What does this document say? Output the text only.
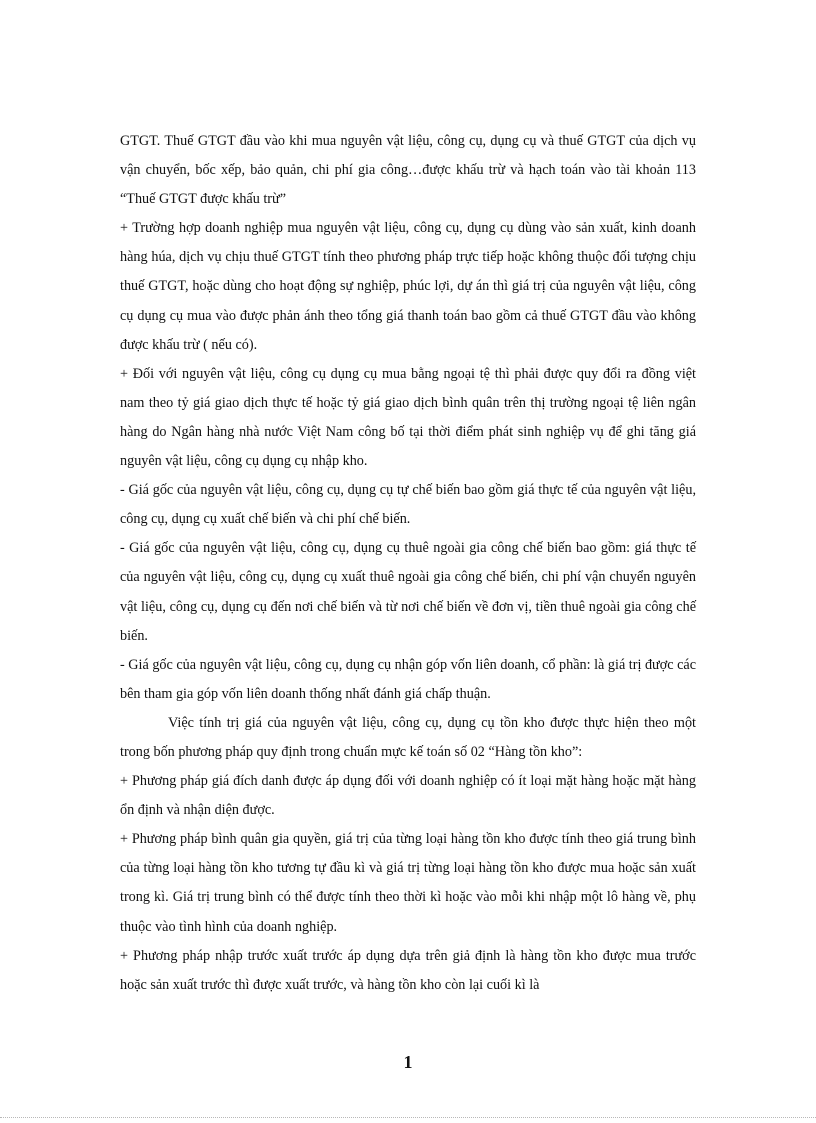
GTGT. Thuế GTGT đầu vào khi mua nguyên vật liệu, công cụ, dụng cụ và thuế GTGT của dịch vụ vận chuyển, bốc xếp, bảo quản, chi phí gia công…được khấu trừ và hạch toán vào tài khoản 113 “Thuế GTGT được khấu trừ”

+ Trường hợp doanh nghiệp mua nguyên vật liệu, công cụ, dụng cụ dùng vào sản xuất, kinh doanh hàng húa, dịch vụ chịu thuế GTGT tính theo phương pháp trực tiếp hoặc không thuộc đối tượng chịu thuế GTGT, hoặc dùng cho hoạt động sự nghiệp, phúc lợi, dự án thì giá trị của nguyên vật liệu, công cụ dụng cụ mua vào được phản ánh theo tổng giá thanh toán bao gồm cả thuế GTGT đầu vào không được khấu trừ ( nếu có).

+ Đối với nguyên vật liệu, công cụ dụng cụ mua bằng ngoại tệ thì phải được quy đổi ra đồng việt nam theo tỷ giá giao dịch thực tế hoặc tỷ giá giao dịch bình quân trên thị trường ngoại tệ liên ngân hàng do Ngân hàng nhà nước Việt Nam công bố tại thời điểm phát sinh nghiệp vụ để ghi tăng giá nguyên vật liệu, công cụ dụng cụ nhập kho.

- Giá gốc của nguyên vật liệu, công cụ, dụng cụ tự chế biến bao gồm giá thực tế của nguyên vật liệu, công cụ, dụng cụ xuất chế biến và chi phí chế biến.

- Giá gốc của nguyên vật liệu, công cụ, dụng cụ thuê ngoài gia công chế biến bao gồm: giá thực tế của nguyên vật liệu, công cụ, dụng cụ xuất thuê ngoài gia công chế biến, chi phí vận chuyển nguyên vật liệu, công cụ, dụng cụ đến nơi chế biến và từ nơi chế biến về đơn vị, tiền thuê ngoài gia công chế biến.

- Giá gốc của nguyên vật liệu, công cụ, dụng cụ nhận góp vốn liên doanh, cổ phần: là giá trị được các bên tham gia góp vốn liên doanh thống nhất đánh giá chấp thuận.

Việc tính trị giá của nguyên vật liệu, công cụ, dụng cụ tồn kho được thực hiện theo một trong bốn phương pháp quy định trong chuẩn mực kế toán số 02 “Hàng tồn kho”:

+ Phương pháp giá đích danh được áp dụng đối với doanh nghiệp có ít loại mặt hàng hoặc mặt hàng ổn định và nhận diện được.

+ Phương pháp bình quân gia quyền, giá trị của từng loại hàng tồn kho được tính theo giá trung bình của từng loại hàng tồn kho tương tự đầu kì và giá trị từng loại hàng tồn kho được mua hoặc sản xuất trong kì. Giá trị trung bình có thể được tính theo thời kì hoặc vào mỗi khi nhập một lô hàng về, phụ thuộc vào tình hình của doanh nghiệp.

+ Phương pháp nhập trước xuất trước áp dụng dựa trên giả định là hàng tồn kho được mua trước hoặc sản xuất trước thì được xuất trước, và hàng tồn kho còn lại cuối kì là

1
